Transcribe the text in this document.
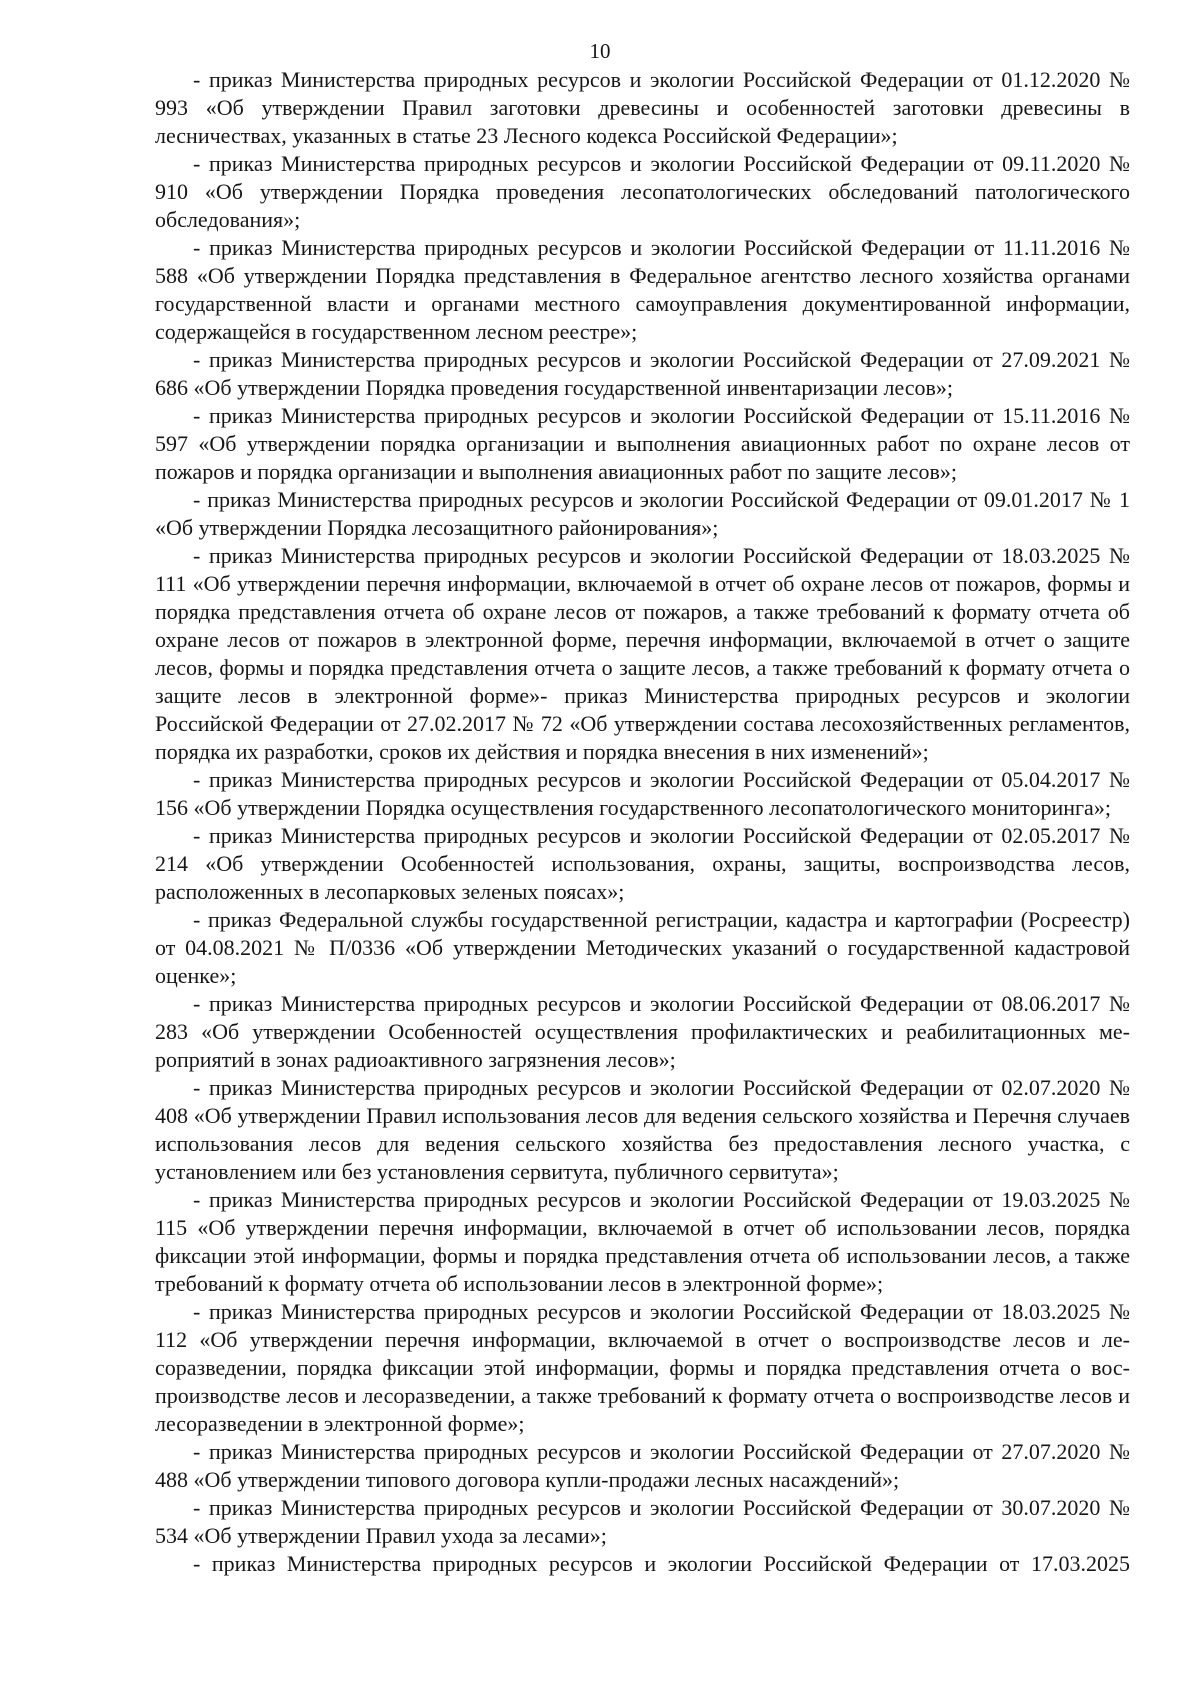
10

- приказ Министерства природных ресурсов и экологии Российской Федерации от 01.12.2020 № 993 «Об утверждении Правил заготовки древесины и особенностей заготовки древесины в лесничествах, указанных в статье 23 Лесного кодекса Российской Федерации»;

- приказ Министерства природных ресурсов и экологии Российской Федерации от 09.11.2020 № 910 «Об утверждении Порядка проведения лесопатологических обследований патологического обследования»;

- приказ Министерства природных ресурсов и экологии Российской Федерации от 11.11.2016 № 588 «Об утверждении Порядка представления в Федеральное агентство лесного хозяйства органами государственной власти и органами местного самоуправления документированной информации, содержащейся в государственном лесном реестре»;

- приказ Министерства природных ресурсов и экологии Российской Федерации от 27.09.2021 № 686 «Об утверждении Порядка проведения государственной инвентаризации лесов»;

- приказ Министерства природных ресурсов и экологии Российской Федерации от 15.11.2016 № 597 «Об утверждении порядка организации и выполнения авиационных работ по охране лесов от пожаров и порядка организации и выполнения авиационных работ по защите лесов»;

- приказ Министерства природных ресурсов и экологии Российской Федерации от 09.01.2017 № 1 «Об утверждении Порядка лесозащитного районирования»;

- приказ Министерства природных ресурсов и экологии Российской Федерации от 18.03.2025 № 111 «Об утверждении перечня информации, включаемой в отчет об охране лесов от пожаров, формы и порядка представления отчета об охране лесов от пожаров, а также требований к формату отчета об охране лесов от пожаров в электронной форме, перечня информации, включаемой в отчет о защите лесов, формы и порядка представления отчета о защите лесов, а также требований к формату отчета о защите лесов в электронной форме»- приказ Министерства природных ресурсов и экологии Российской Федерации от 27.02.2017 № 72 «Об утверждении состава лесохозяйственных регламентов, порядка их разработки, сроков их действия и порядка внесения в них изменений»;

- приказ Министерства природных ресурсов и экологии Российской Федерации от 05.04.2017 № 156 «Об утверждении Порядка осуществления государственного лесопатологического мониторинга»;

- приказ Министерства природных ресурсов и экологии Российской Федерации от 02.05.2017 № 214 «Об утверждении Особенностей использования, охраны, защиты, воспроизводства лесов, расположенных в лесопарковых зеленых поясах»;

- приказ Федеральной службы государственной регистрации, кадастра и картографии (Росреестр) от 04.08.2021 № П/0336 «Об утверждении Методических указаний о государственной кадастровой оценке»;

- приказ Министерства природных ресурсов и экологии Российской Федерации от 08.06.2017 № 283 «Об утверждении Особенностей осуществления профилактических и реабилитационных мероприятий в зонах радиоактивного загрязнения лесов»;

- приказ Министерства природных ресурсов и экологии Российской Федерации от 02.07.2020 № 408 «Об утверждении Правил использования лесов для ведения сельского хозяйства и Перечня случаев использования лесов для ведения сельского хозяйства без предоставления лесного участка, с установлением или без установления сервитута, публичного сервитута»;

- приказ Министерства природных ресурсов и экологии Российской Федерации от 19.03.2025 № 115 «Об утверждении перечня информации, включаемой в отчет об использовании лесов, порядка фиксации этой информации, формы и порядка представления отчета об использовании лесов, а также требований к формату отчета об использовании лесов в электронной форме»;

- приказ Министерства природных ресурсов и экологии Российской Федерации от 18.03.2025 № 112 «Об утверждении перечня информации, включаемой в отчет о воспроизводстве лесов и лесоразведении, порядка фиксации этой информации, формы и порядка представления отчета о воспроизводстве лесов и лесоразведении, а также требований к формату отчета о воспроизводстве лесов и лесоразведении в электронной форме»;

- приказ Министерства природных ресурсов и экологии Российской Федерации от 27.07.2020 № 488 «Об утверждении типового договора купли-продажи лесных насаждений»;

- приказ Министерства природных ресурсов и экологии Российской Федерации от 30.07.2020 № 534 «Об утверждении Правил ухода за лесами»;

- приказ Министерства природных ресурсов и экологии Российской Федерации от 17.03.2025
